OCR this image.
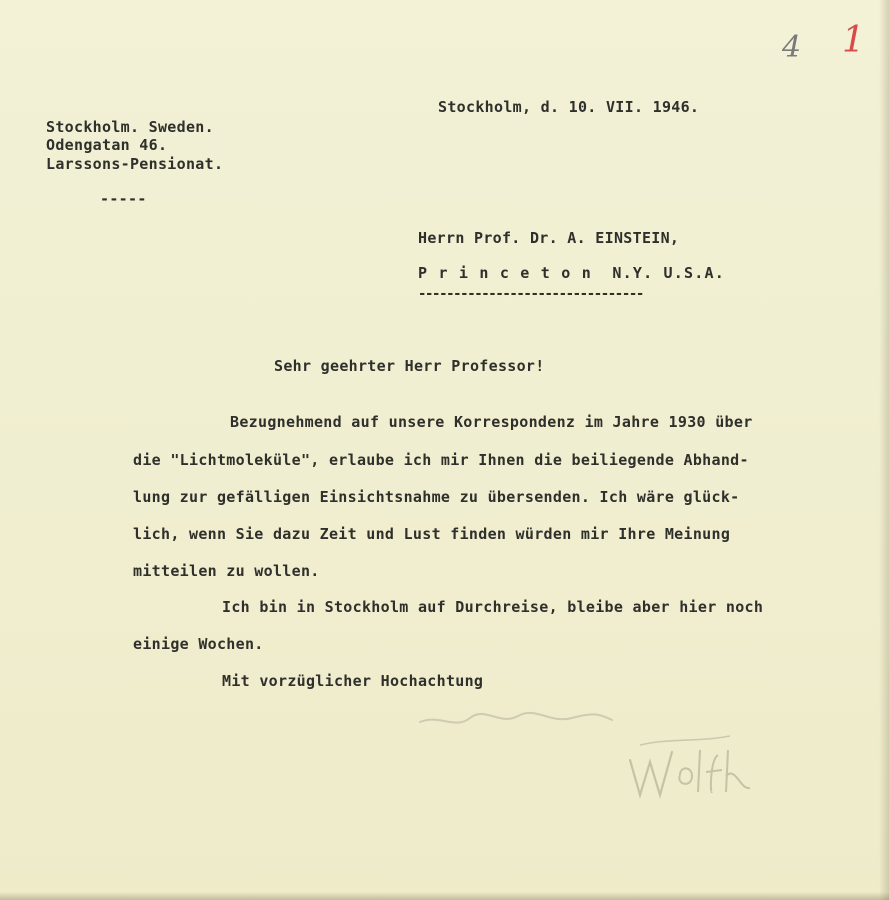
4 1
Stockholm, d. 10. VII. 1946.
Stockholm. Sweden.
Odengatan 46.
Larssons-Pensionat.
-----
Herrn Prof. Dr. A. EINSTEIN,
P r i n c e t o n  N.Y. U.S.A.
--------------------------------
Sehr geehrter Herr Professor!
Bezugnehmend auf unsere Korrespondenz im Jahre 1930 über
die "Lichtmoleküle", erlaube ich mir Ihnen die beiliegende Abhand-
lung zur gefälligen Einsichtsnahme zu übersenden. Ich wäre glück-
lich, wenn Sie dazu Zeit und Lust finden würden mir Ihre Meinung
mitteilen zu wollen.
Ich bin in Stockholm auf Durchreise, bleibe aber hier noch
einige Wochen.
Mit vorzüglicher Hochachtung
